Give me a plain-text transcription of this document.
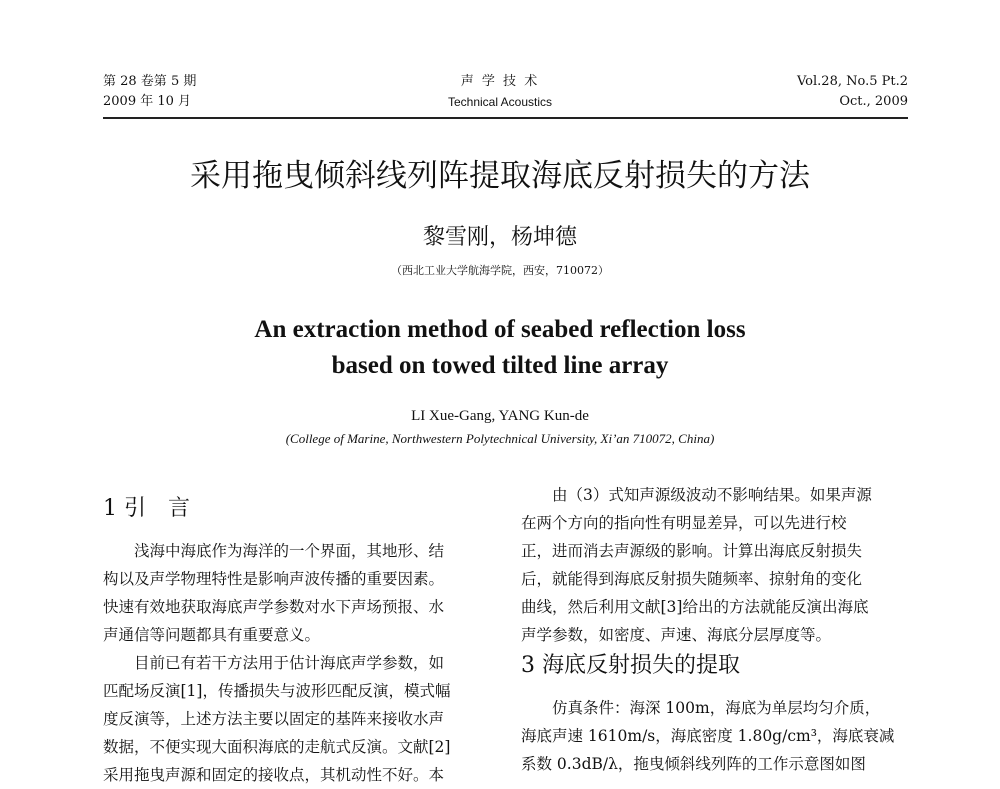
第 28 卷第 5 期
2009 年 10 月
声 学 技 术
Technical Acoustics
Vol.28, No.5 Pt.2
Oct., 2009
采用拖曳倾斜线列阵提取海底反射损失的方法
黎雪刚，杨坤德
（西北工业大学航海学院，西安，710072）
An extraction method of seabed reflection loss
based on towed tilted line array
LI Xue-Gang, YANG Kun-de
(College of Marine, Northwestern Polytechnical University, Xi’an 710072, China)
1 引　言
浅海中海底作为海洋的一个界面，其地形、结
构以及声学物理特性是影响声波传播的重要因素。
快速有效地获取海底声学参数对水下声场预报、水
声通信等问题都具有重要意义。
目前已有若干方法用于估计海底声学参数，如
匹配场反演[1]，传播损失与波形匹配反演，模式幅
度反演等，上述方法主要以固定的基阵来接收水声
数据，不便实现大面积海底的走航式反演。文献[2]
采用拖曳声源和固定的接收点，其机动性不好。本
由（3）式知声源级波动不影响结果。如果声源
在两个方向的指向性有明显差异，可以先进行校
正，进而消去声源级的影响。计算出海底反射损失
后，就能得到海底反射损失随频率、掠射角的变化
曲线，然后利用文献[3]给出的方法就能反演出海底
声学参数，如密度、声速、海底分层厚度等。
3 海底反射损失的提取
仿真条件：海深 100m，海底为单层均匀介质，
海底声速 1610m/s，海底密度 1.80g/cm³，海底衰减
系数 0.3dB/λ，拖曳倾斜线列阵的工作示意图如图
